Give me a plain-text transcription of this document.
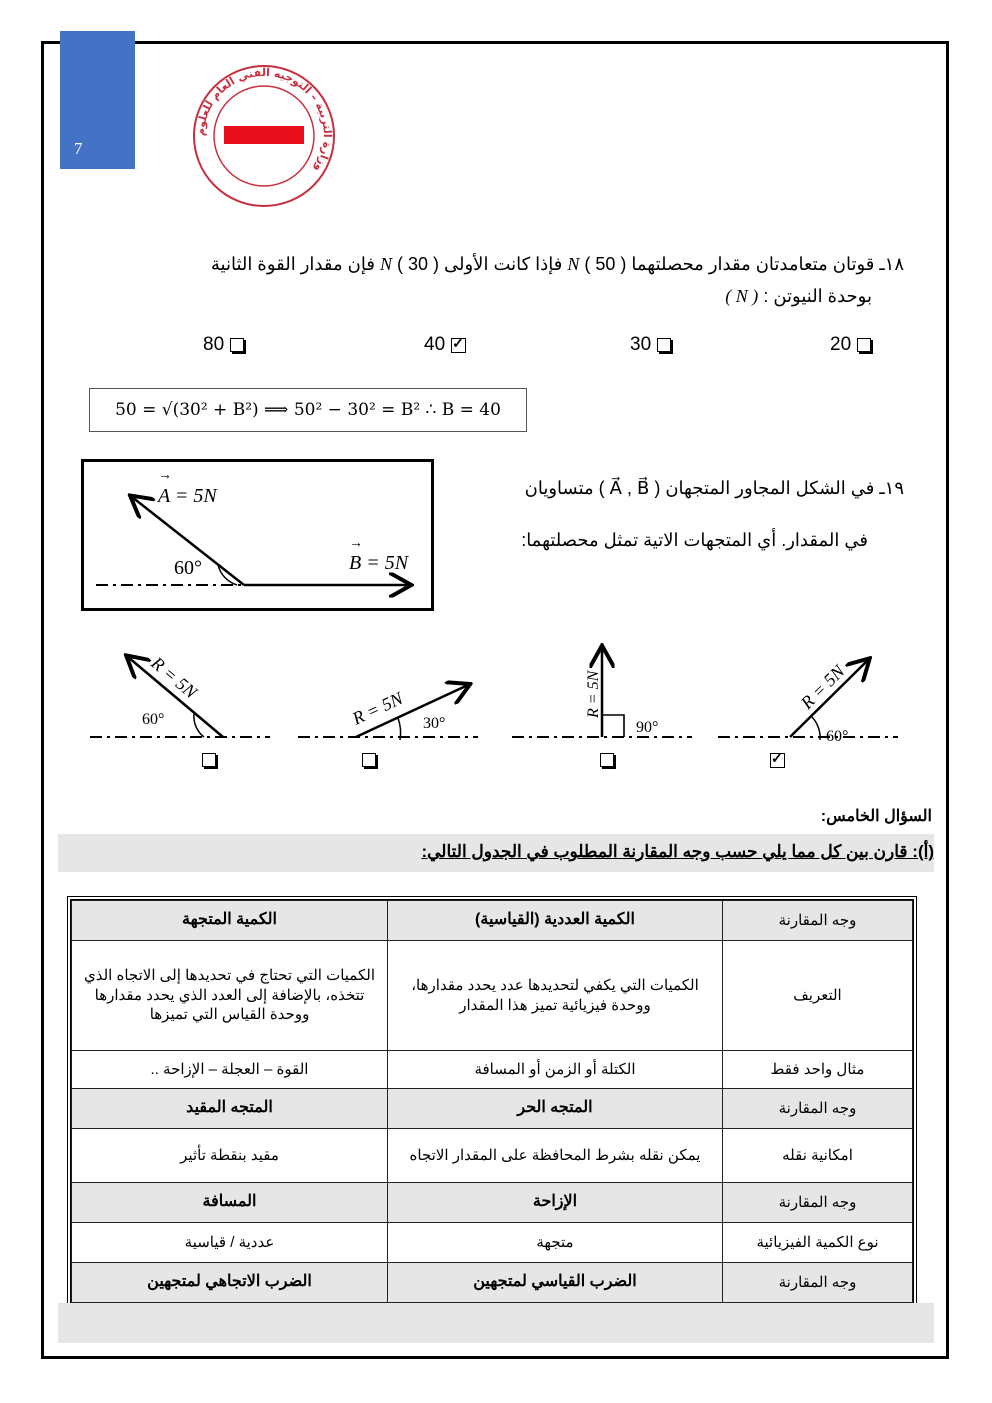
7
وزارة التربية – التوجيه الفني العام للعلوم
معتمد
١٨ـ قوتان متعامدتان مقدار محصلتهما N ( 50 ) فإذا كانت الأولى N ( 30 ) فإن مقدار القوة الثانية
بوحدة النيوتن : ( N )
80	40 ✓	30	20
50 = √(30² + B²) ⟹ 50² − 30² = B² ∴ B = 40
60°
A = 5N
→
B = 5N
→
١٩ـ في الشكل المجاور المتجهان ( A⃗ , B⃗ ) متساويان
في المقدار. أي المتجهات الاتية تمثل محصلتهما:
60°
R = 5N
30°
R = 5N	90°
R = 5N
60°
R = 5N
✓
السؤال الخامس:
(أ): قارن بين كل مما يلي حسب وجه المقارنة المطلوب في الجدول التالي:
وجه المقارنة	الكمية العددية (القياسية)	الكمية المتجهة
التعريف	الكميات التي يكفي لتحديدها عدد يحدد مقدارها، ووحدة فيزيائية تميز هذا المقدار	الكميات التي تحتاج في تحديدها إلى الاتجاه الذي تتخذه، بالإضافة إلى العدد الذي يحدد مقدارها ووحدة القياس التي تميزها
مثال واحد فقط	الكتلة أو الزمن أو المسافة	القوة – العجلة – الإزاحة ..
وجه المقارنة	المتجه الحر	المتجه المقيد
امكانية نقله	يمكن نقله بشرط المحافظة على المقدار الاتجاه	مقيد بنقطة تأثير
وجه المقارنة	الإزاحة	المسافة
نوع الكمية الفيزيائية	متجهة	عددية / قياسية
وجه المقارنة	الضرب القياسي لمتجهين	الضرب الاتجاهي لمتجهين
